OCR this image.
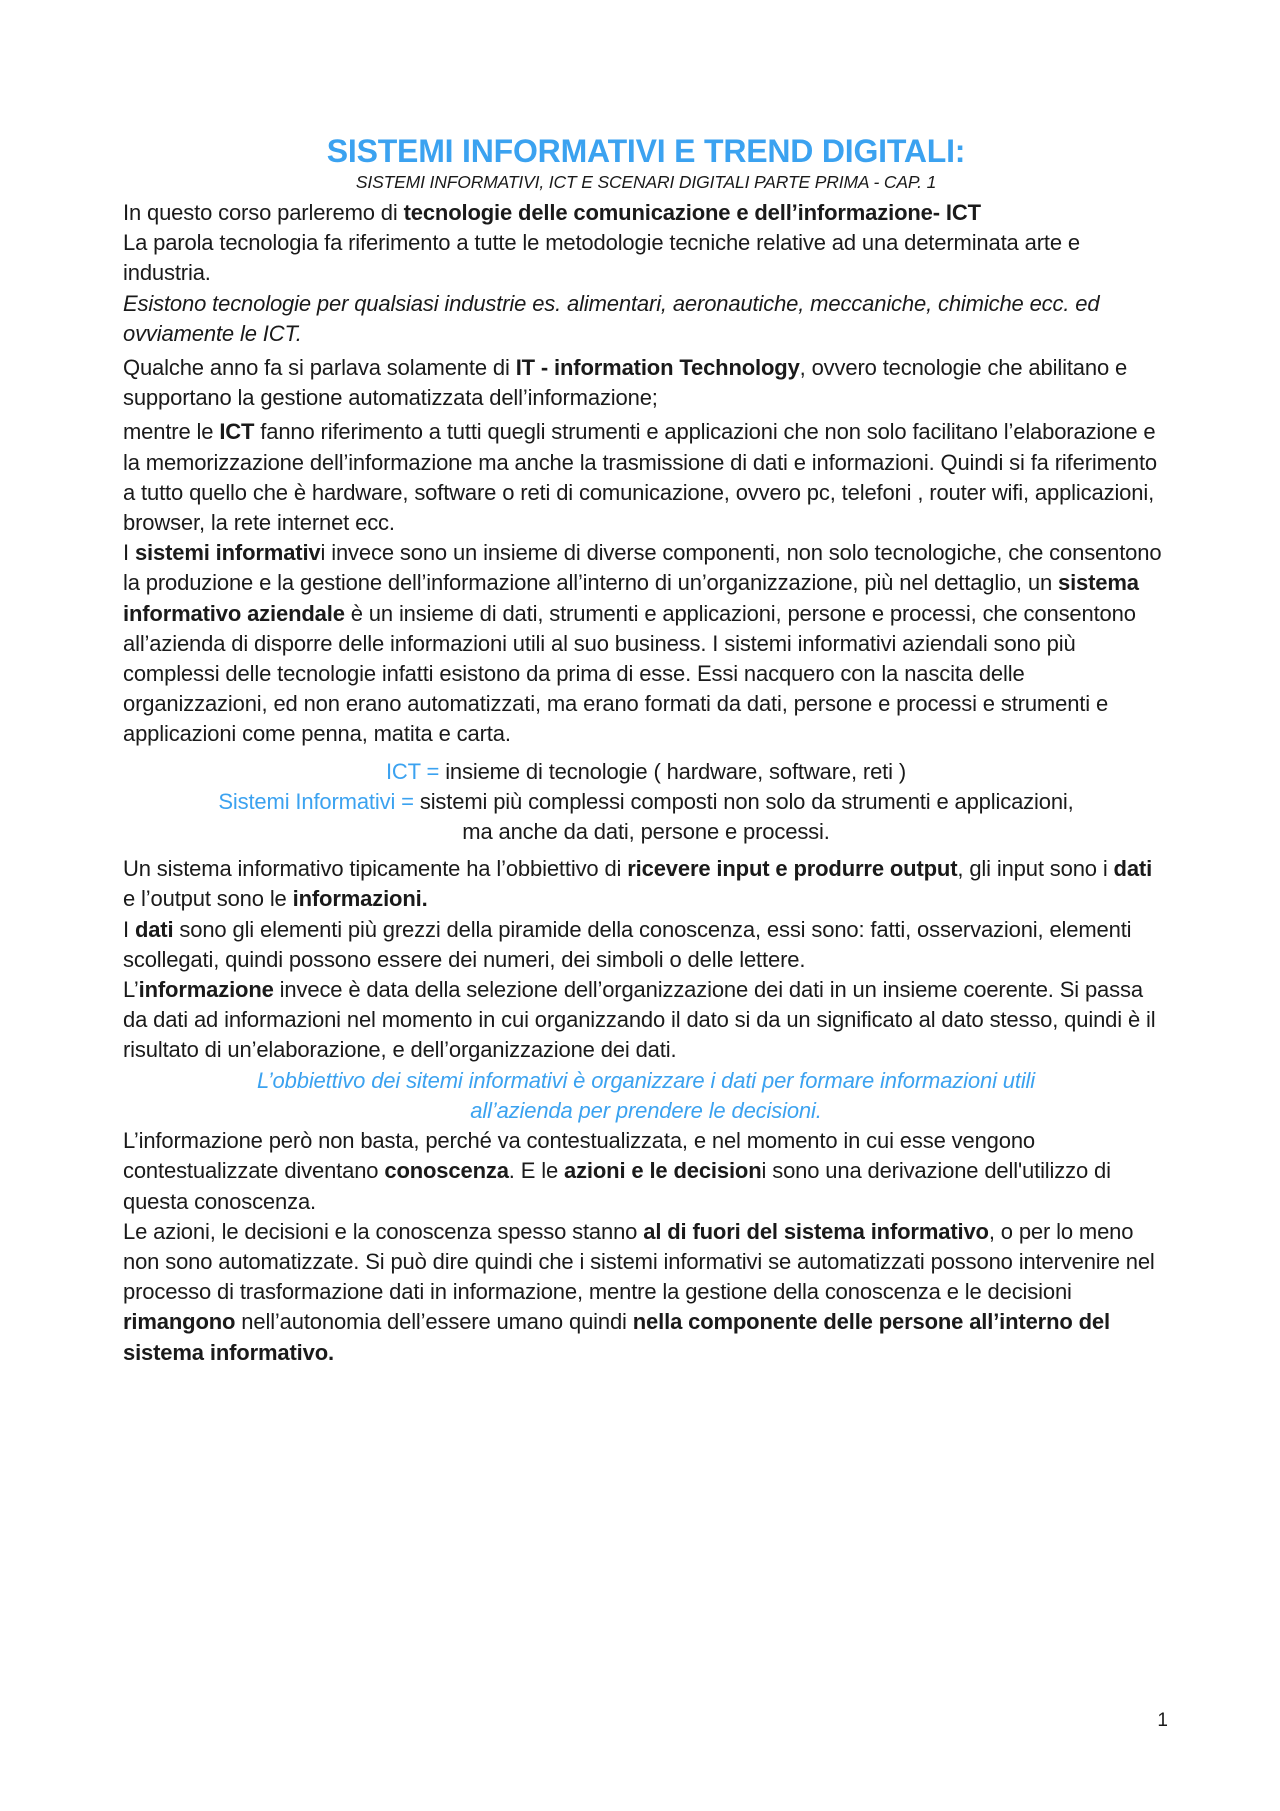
SISTEMI INFORMATIVI E TREND DIGITALI:

SISTEMI INFORMATIVI, ICT E SCENARI DIGITALI PARTE PRIMA - CAP. 1

In questo corso parleremo di tecnologie delle comunicazione e dell’informazione- ICT

La parola tecnologia fa riferimento a tutte le metodologie tecniche relative ad una determinata arte e industria.

Esistono tecnologie per qualsiasi industrie es. alimentari, aeronautiche, meccaniche, chimiche ecc. ed ovviamente le ICT.

Qualche anno fa si parlava solamente di IT - information Technology, ovvero tecnologie che abilitano e supportano la gestione automatizzata dell’informazione;

mentre le ICT fanno riferimento a tutti quegli strumenti e applicazioni che non solo facilitano l’elaborazione e la memorizzazione dell’informazione ma anche la trasmissione di dati e informazioni. Quindi si fa riferimento a tutto quello che è hardware, software o reti di comunicazione, ovvero pc, telefoni , router wifi, applicazioni, browser, la rete internet ecc.

I sistemi informativi invece sono un insieme di diverse componenti, non solo tecnologiche, che consentono la produzione e la gestione dell’informazione all’interno di un’organizzazione, più nel dettaglio, un sistema informativo aziendale è un insieme di dati, strumenti e applicazioni, persone e processi, che consentono all’azienda di disporre delle informazioni utili al suo business. I sistemi informativi aziendali sono più complessi delle tecnologie infatti esistono da prima di esse. Essi nacquero con la nascita delle organizzazioni, ed non erano automatizzati, ma erano formati da dati, persone e processi e strumenti e applicazioni come penna, matita e carta.

ICT = insieme di tecnologie ( hardware, software, reti )

Sistemi Informativi = sistemi più complessi composti non solo da strumenti e applicazioni,
ma anche da dati, persone e processi.

Un sistema informativo tipicamente ha l’obbiettivo di ricevere input e produrre output, gli input sono i dati e l’output sono le informazioni.

I dati sono gli elementi più grezzi della piramide della conoscenza, essi sono: fatti, osservazioni, elementi scollegati, quindi possono essere dei numeri, dei simboli o delle lettere.

L’informazione invece è data della selezione dell’organizzazione dei dati in un insieme coerente. Si passa da dati ad informazioni nel momento in cui organizzando il dato si da un significato al dato stesso, quindi è il risultato di un’elaborazione, e dell’organizzazione dei dati.

L’obbiettivo dei sitemi informativi è organizzare i dati per formare informazioni utili
all’azienda per prendere le decisioni.

L’informazione però non basta, perché va contestualizzata, e nel momento in cui esse vengono contestualizzate diventano conoscenza. E le azioni e le decisioni sono una derivazione dell'utilizzo di questa conoscenza.

Le azioni, le decisioni e la conoscenza spesso stanno al di fuori del sistema informativo, o per lo meno non sono automatizzate. Si può dire quindi che i sistemi informativi se automatizzati possono intervenire nel processo di trasformazione dati in informazione, mentre la gestione della conoscenza e le decisioni rimangono nell’autonomia dell’essere umano quindi nella componente delle persone all’interno del sistema informativo.

1
